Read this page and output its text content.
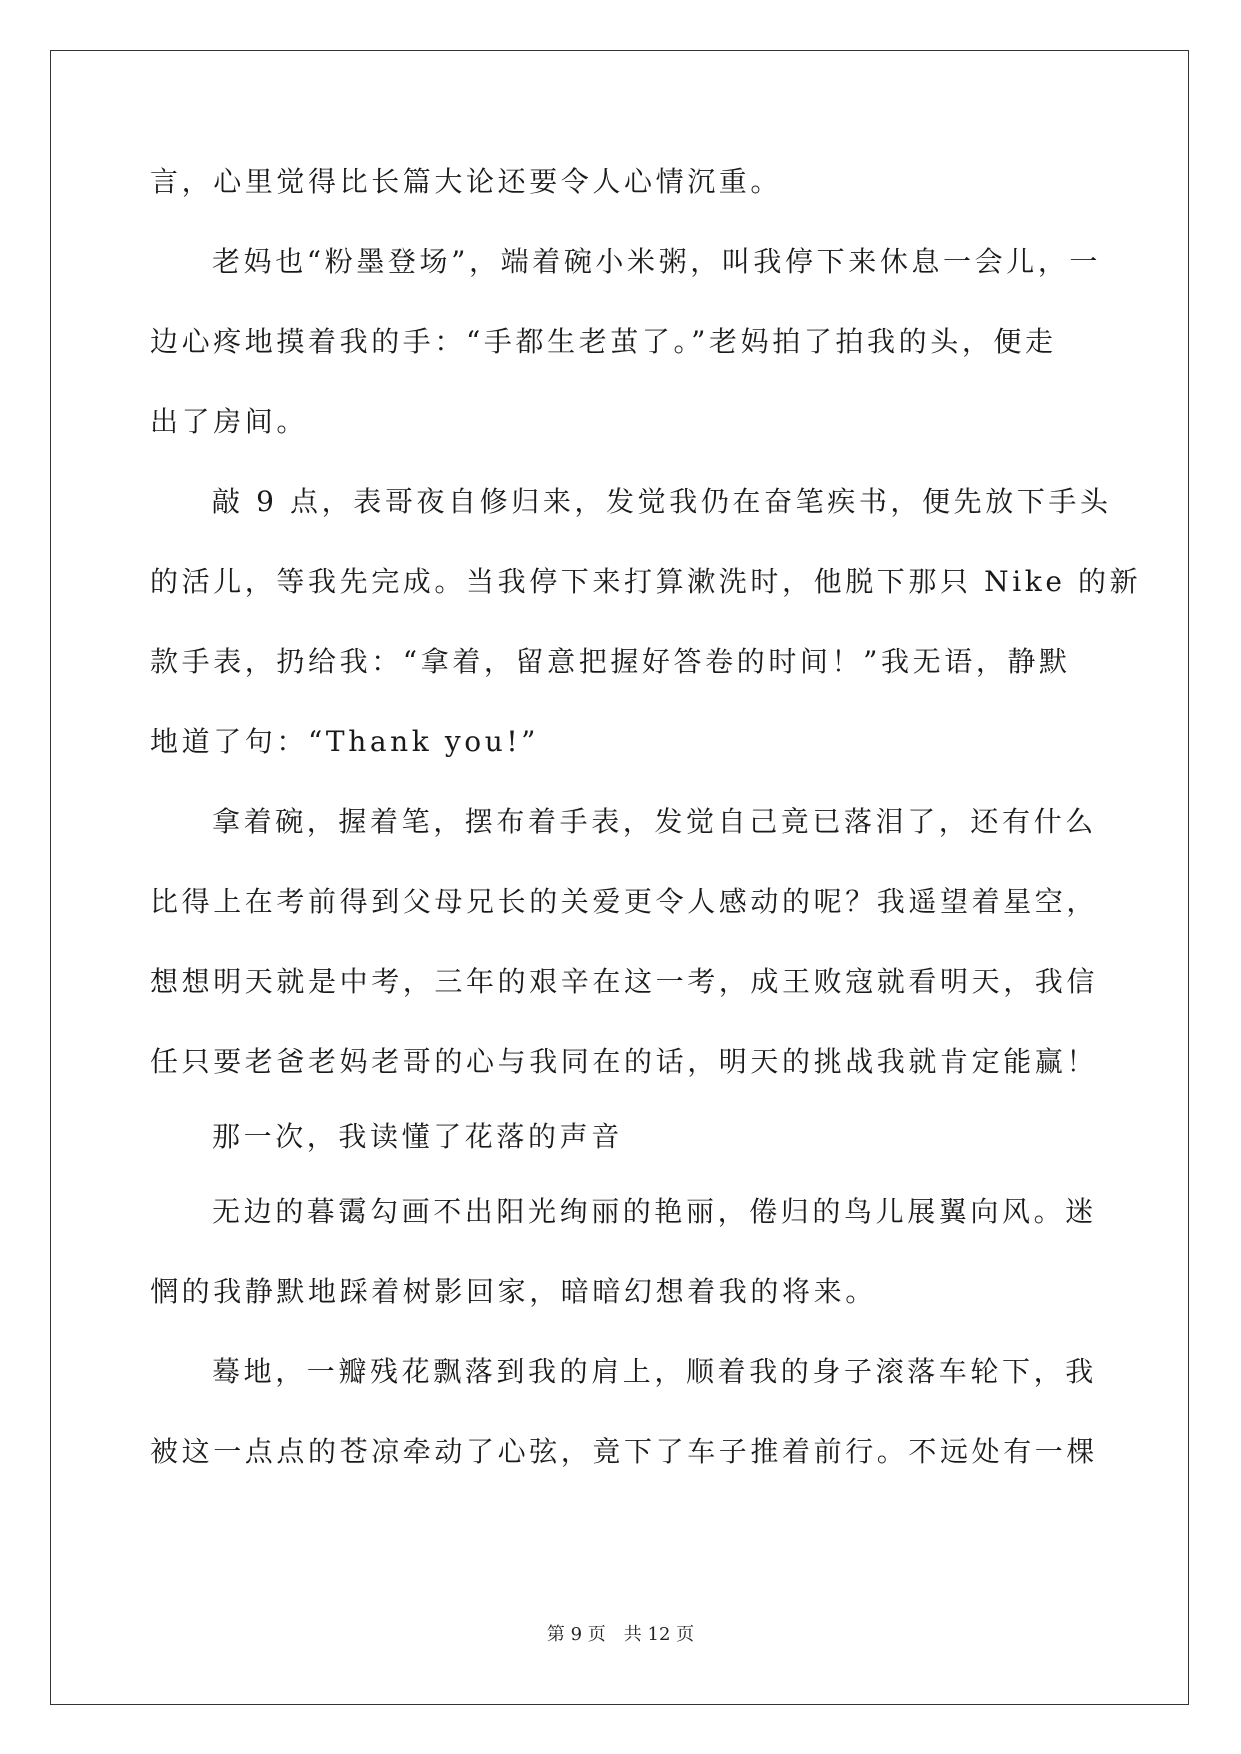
言，心里觉得比长篇大论还要令人心情沉重。
老妈也“粉墨登场”，端着碗小米粥，叫我停下来休息一会儿，一
边心疼地摸着我的手：“手都生老茧了。”老妈拍了拍我的头，便走
出了房间。
敲 9 点，表哥夜自修归来，发觉我仍在奋笔疾书，便先放下手头
的活儿，等我先完成。当我停下来打算漱洗时，他脱下那只 Nike 的新
款手表，扔给我：“拿着，留意把握好答卷的时间！”我无语，静默
地道了句：“Thank you!”
拿着碗，握着笔，摆布着手表，发觉自己竟已落泪了，还有什么
比得上在考前得到父母兄长的关爱更令人感动的呢？我遥望着星空，
想想明天就是中考，三年的艰辛在这一考，成王败寇就看明天，我信
任只要老爸老妈老哥的心与我同在的话，明天的挑战我就肯定能赢！
那一次，我读懂了花落的声音
无边的暮霭勾画不出阳光绚丽的艳丽，倦归的鸟儿展翼向风。迷
惘的我静默地踩着树影回家，暗暗幻想着我的将来。
蓦地，一瓣残花飘落到我的肩上，顺着我的身子滚落车轮下，我
被这一点点的苍凉牵动了心弦，竟下了车子推着前行。不远处有一棵
第 9 页 共 12 页
